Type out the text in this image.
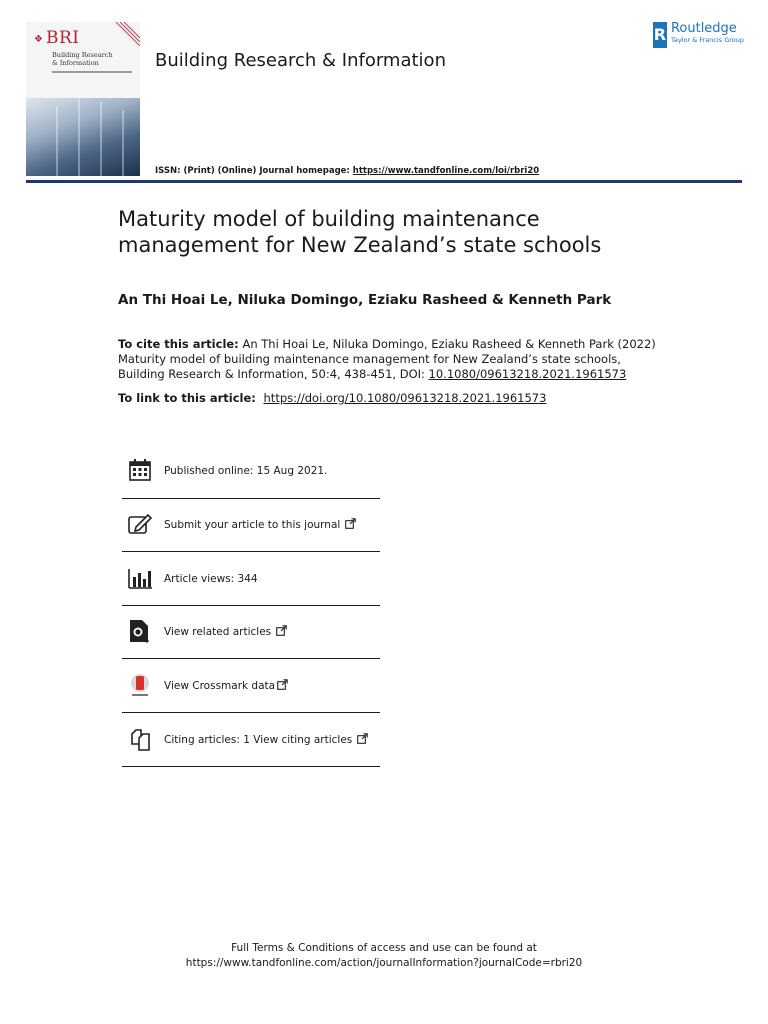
❖ BRI
Building Research
& Information	Building Research & Information
R Routledge
Taylor & Francis Group
ISSN: (Print) (Online) Journal homepage: https://www.tandfonline.com/loi/rbri20
Maturity model of building maintenance management for New Zealand’s state schools
An Thi Hoai Le, Niluka Domingo, Eziaku Rasheed & Kenneth Park
To cite this article: An Thi Hoai Le, Niluka Domingo, Eziaku Rasheed & Kenneth Park (2022) Maturity model of building maintenance management for New Zealand’s state schools, Building Research & Information, 50:4, 438-451, DOI: 10.1080/09613218.2021.1961573
To link to this article:  https://doi.org/10.1080/09613218.2021.1961573
Published online: 15 Aug 2021.
Submit your article to this journal
Article views: 344
View related articles
View Crossmark data
Citing articles: 1 View citing articles
Full Terms & Conditions of access and use can be found at
https://www.tandfonline.com/action/journalInformation?journalCode=rbri20
